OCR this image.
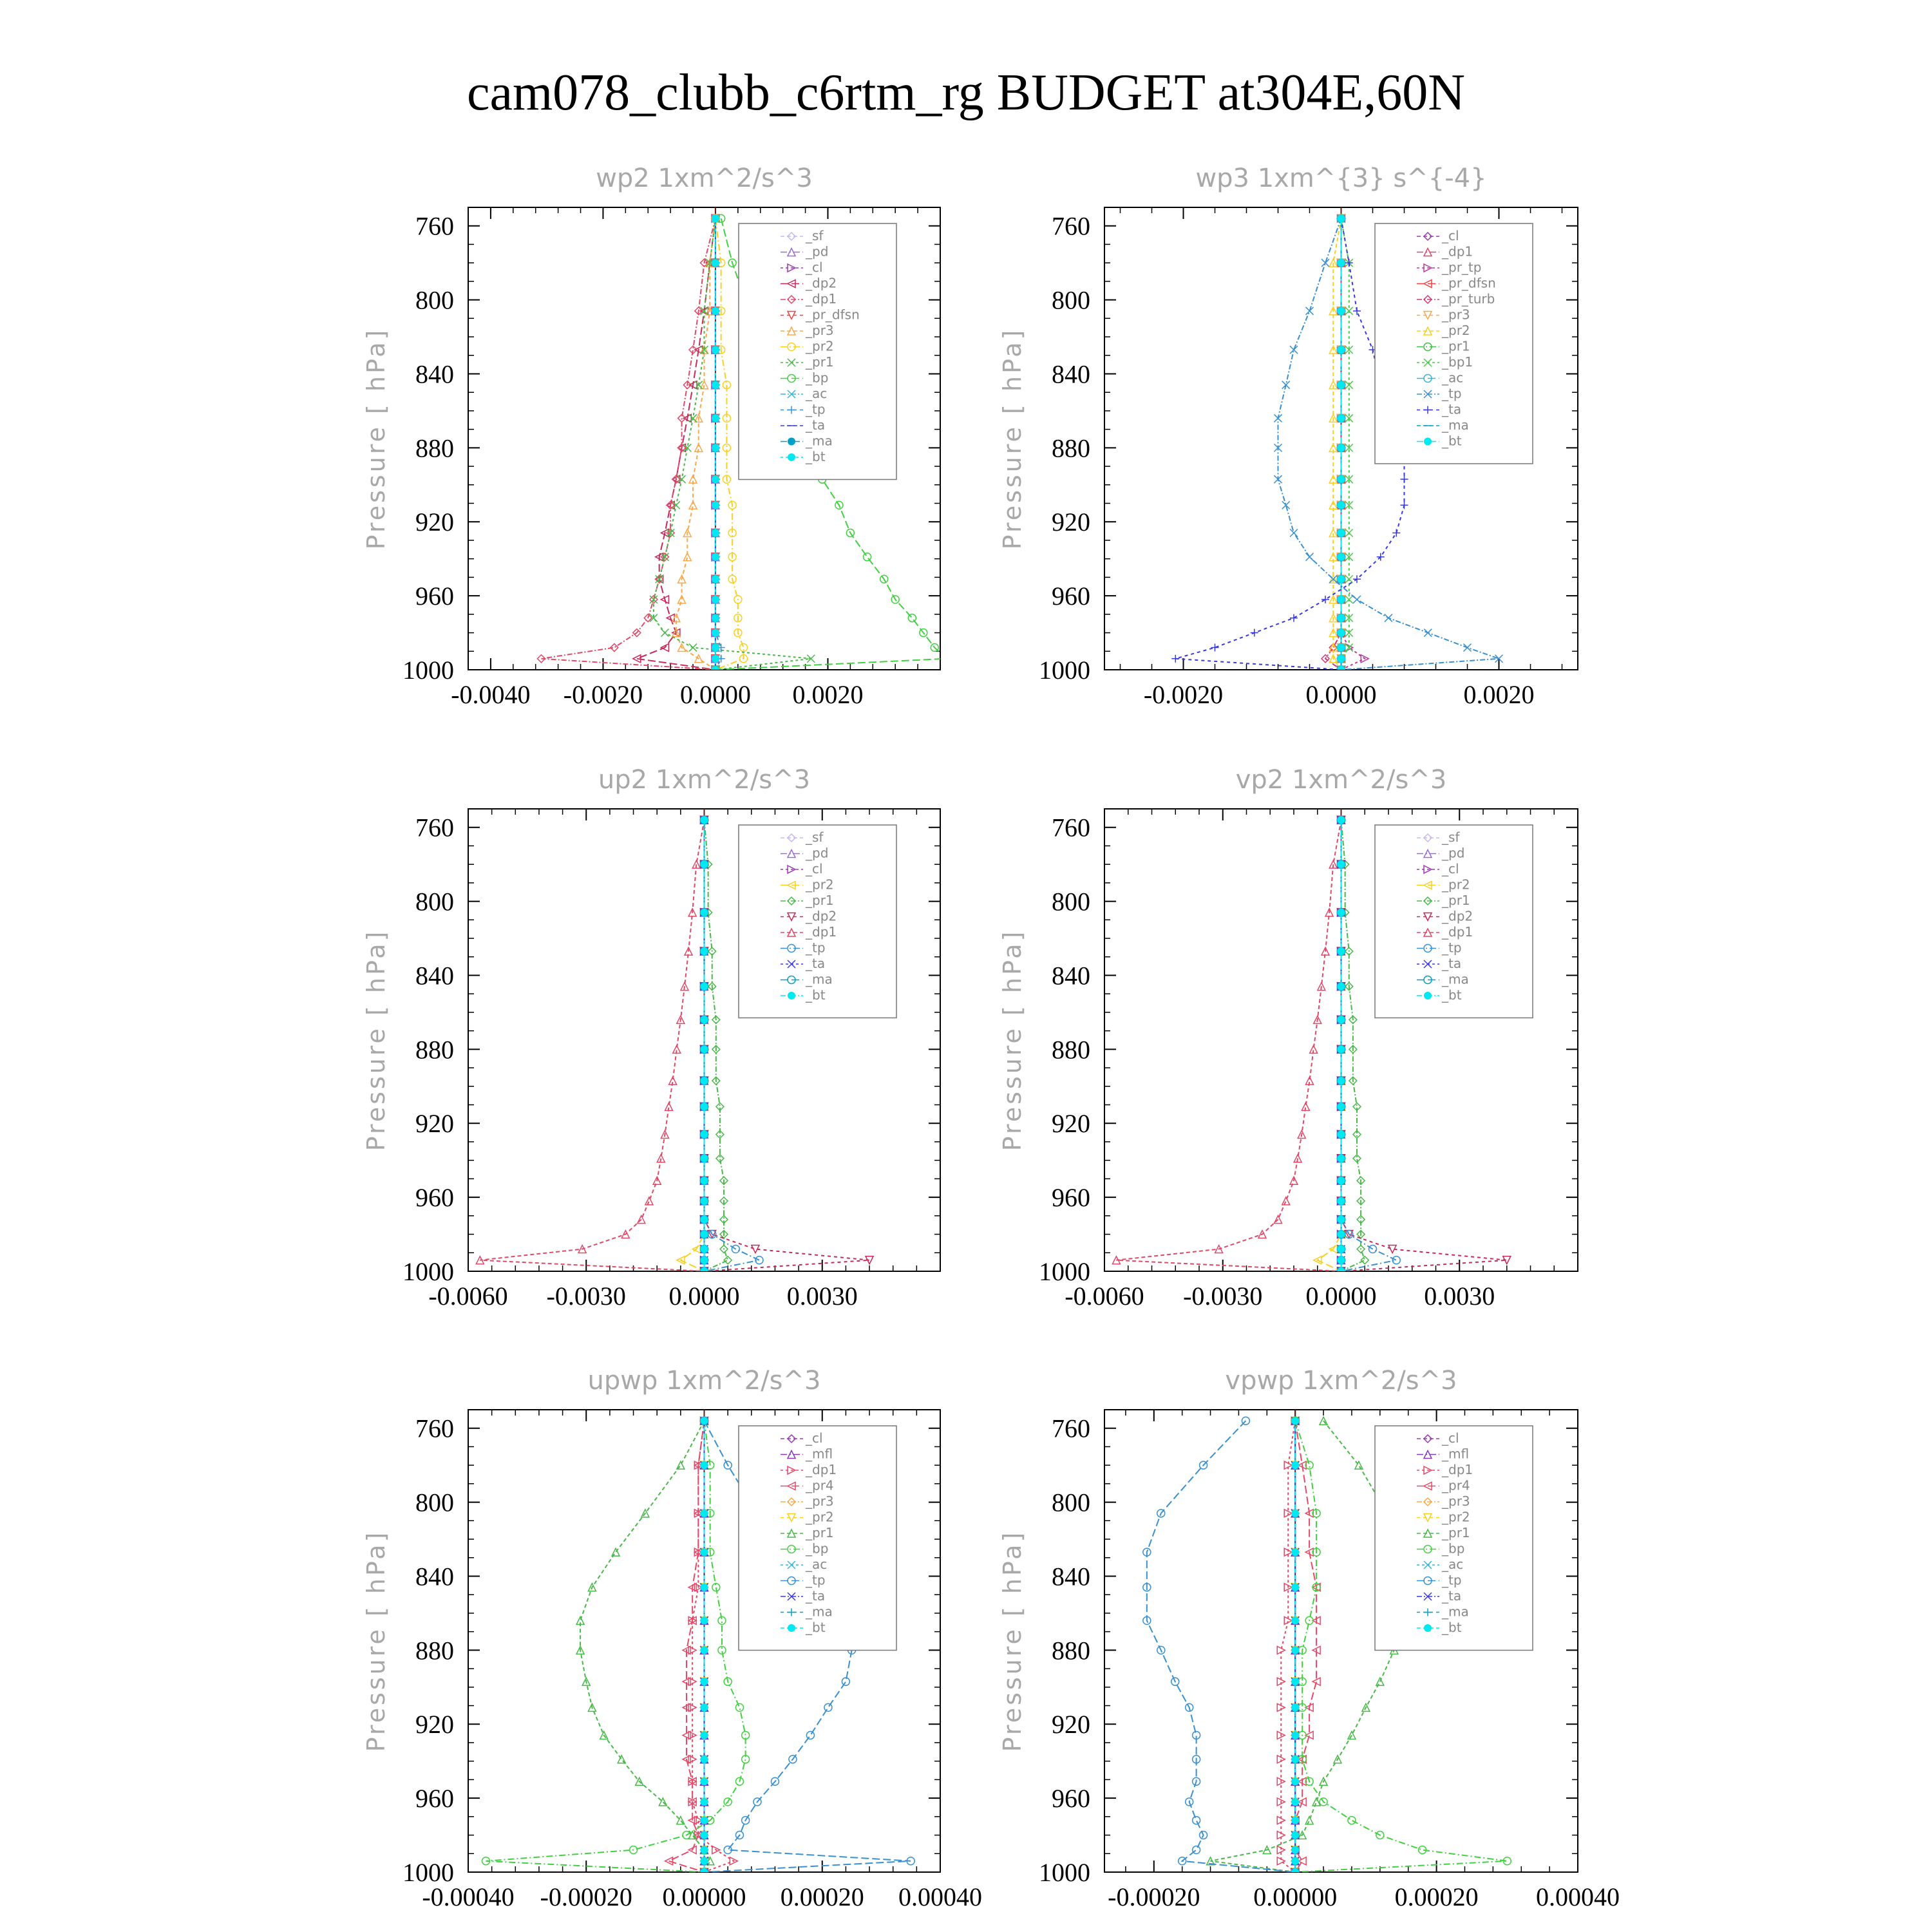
cam078_clubb_c6rtm_rg BUDGET at304E,60N
wp2 1xm^2/s^3
Pressure [ hPa]
760
800
840
880
920
960
1000
-0.0040 -0.0020 0.0000 0.0020
_sf
_pd
_cl
_dp2
_dp1
_pr_dfsn
_pr3
_pr2
_pr1
_bp
_ac
_tp
_ta
_ma
_bt
wp3 1xm^{3} s^{-4}
Pressure [ hPa]
760
800
840
880
920
960
1000
-0.0020	0.0000	0.0020
_cl
_dp1
_pr_tp
_pr_dfsn
_pr_turb
_pr3
_pr2
_pr1
_bp1
_ac
_tp
_ta
_ma
_bt
up2 1xm^2/s^3
Pressure [ hPa]
760
800
840
880
920
960
1000
-0.0060 -0.0030 0.0000 0.0030
_sf
_pd
_cl
_pr2
_pr1
_dp2
_dp1
_tp
_ta
_ma
_bt
vp2 1xm^2/s^3
Pressure [ hPa]
760
800
840
880
920
960
1000
-0.0060 -0.0030 0.0000 0.0030
_sf
_pd
_cl
_pr2
_pr1
_dp2
_dp1
_tp
_ta
_ma
_bt
upwp 1xm^2/s^3
Pressure [ hPa]
760
800
840
880
920
960
1000
-0.00040 -0.00020 0.00000 0.00020 0.00040
_cl
_mfl
_dp1
_pr4
_pr3
_pr2
_pr1
_bp
_ac
_tp
_ta
_ma
_bt
vpwp 1xm^2/s^3
Pressure [ hPa]
760
800
840
880
920
960
1000
-0.00020 0.00000 0.00020 0.00040
_cl
_mfl
_dp1
_pr4
_pr3
_pr2
_pr1
_bp
_ac
_tp
_ta
_ma
_bt
